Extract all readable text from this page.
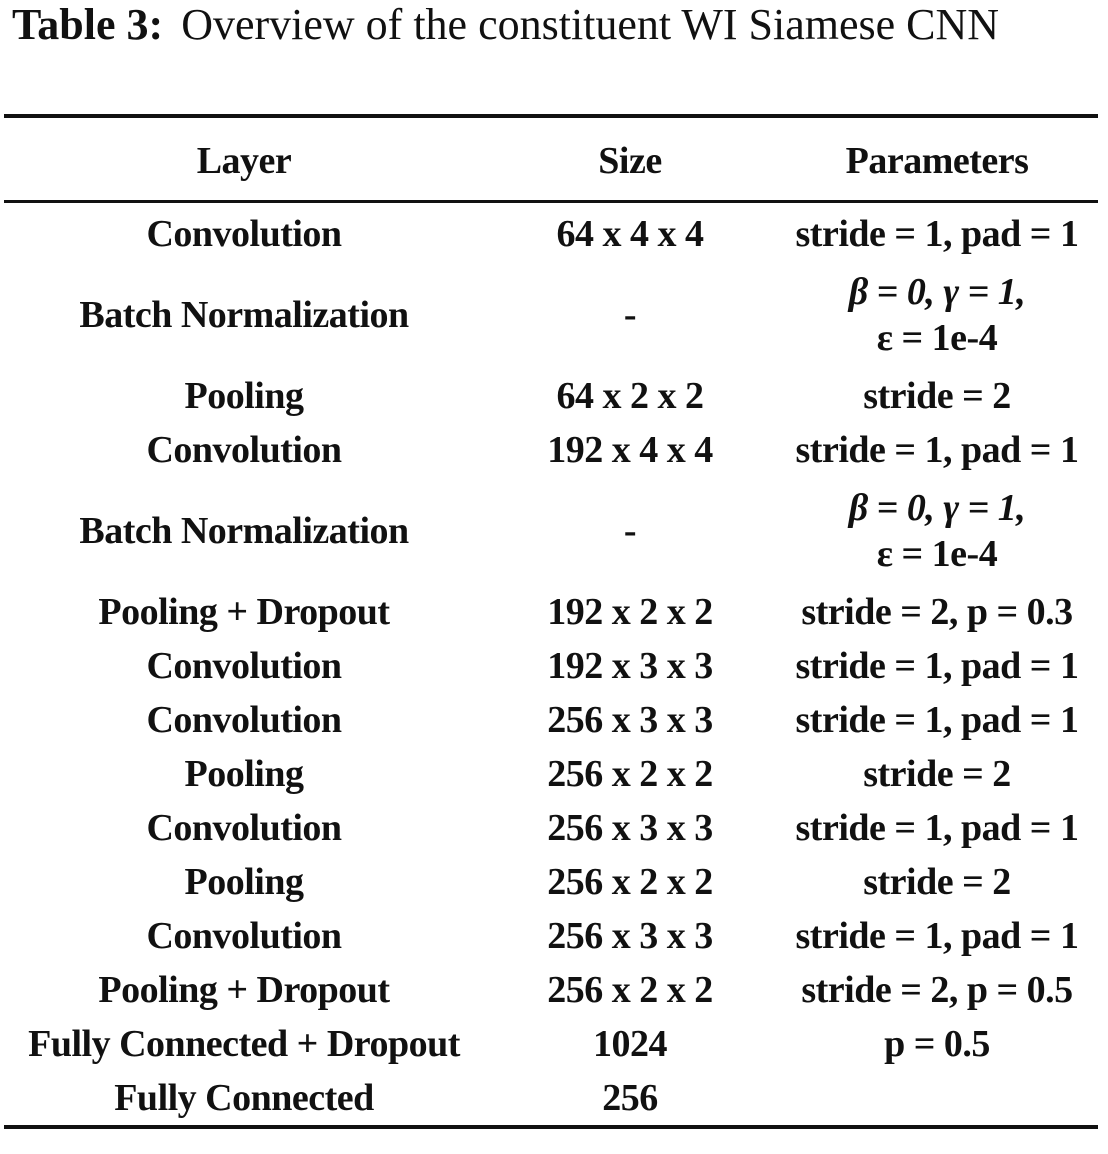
Table 3: Overview of the constituent WI Siamese CNN
Layer	Size	Parameters
Convolution	64 x 4 x 4	stride = 1, pad = 1
Batch Normalization	-	β = 0, γ = 1,
ε = 1e-4

Pooling	64 x 2 x 2	stride = 2
Convolution	192 x 4 x 4	stride = 1, pad = 1
Batch Normalization	-	β = 0, γ = 1,
ε = 1e-4

Pooling + Dropout	192 x 2 x 2	stride = 2, p = 0.3
Convolution	192 x 3 x 3	stride = 1, pad = 1
Convolution	256 x 3 x 3	stride = 1, pad = 1
Pooling	256 x 2 x 2	stride = 2
Convolution	256 x 3 x 3	stride = 1, pad = 1
Pooling	256 x 2 x 2	stride = 2
Convolution	256 x 3 x 3	stride = 1, pad = 1
Pooling + Dropout	256 x 2 x 2	stride = 2, p = 0.5
Fully Connected + Dropout	1024	p = 0.5
Fully Connected	256	
